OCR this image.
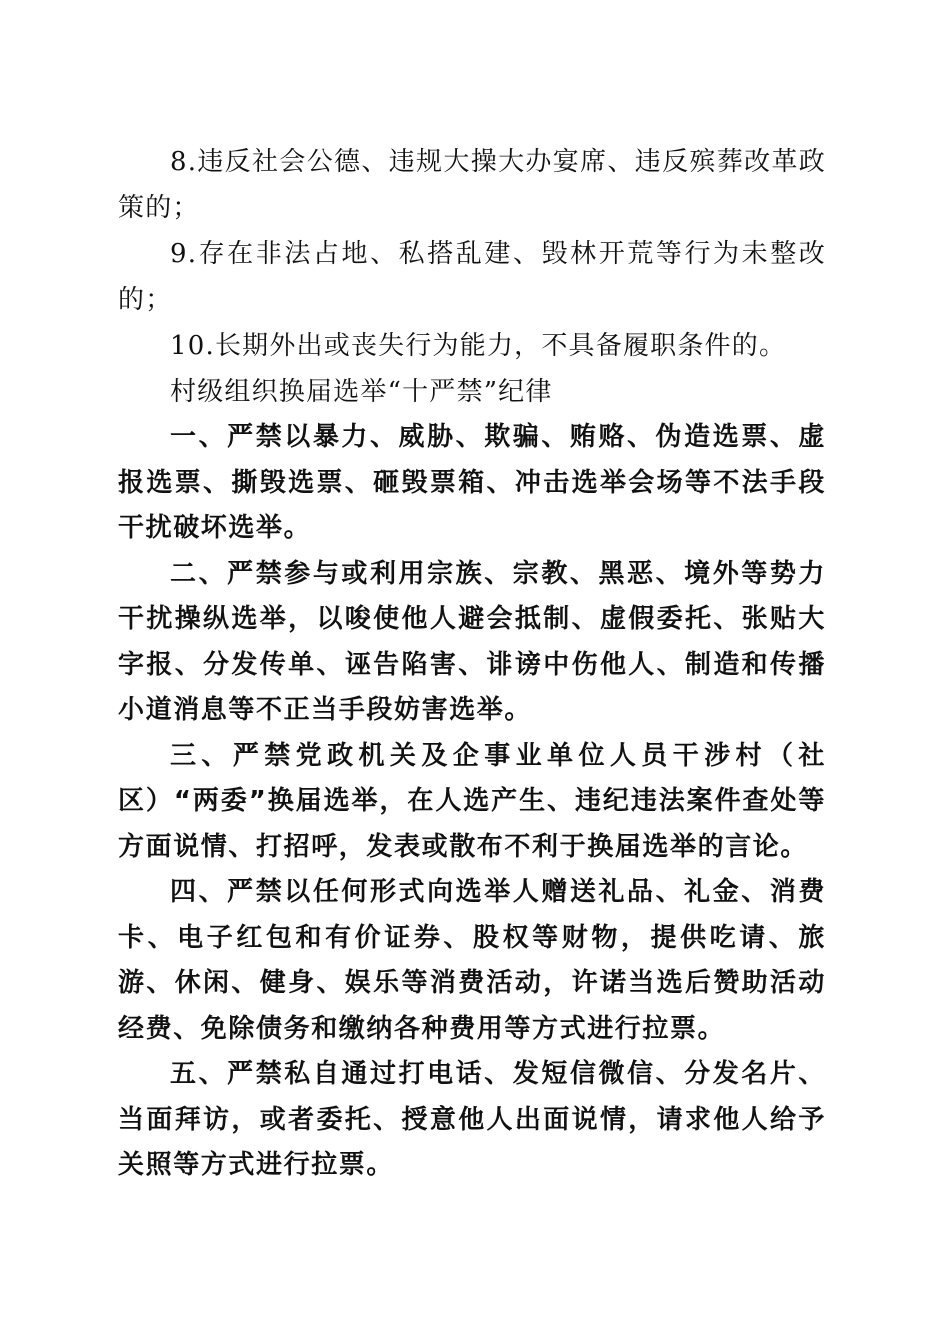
8.违反社会公德、违规大操大办宴席、违反殡葬改革政策的；

9.存在非法占地、私搭乱建、毁林开荒等行为未整改的；

10.长期外出或丧失行为能力，不具备履职条件的。

村级组织换届选举“十严禁”纪律

一、严禁以暴力、威胁、欺骗、贿赂、伪造选票、虚报选票、撕毁选票、砸毁票箱、冲击选举会场等不法手段干扰破坏选举。

二、严禁参与或利用宗族、宗教、黑恶、境外等势力干扰操纵选举，以唆使他人避会抵制、虚假委托、张贴大字报、分发传单、诬告陷害、诽谤中伤他人、制造和传播小道消息等不正当手段妨害选举。

三、严禁党政机关及企事业单位人员干涉村（社区）“两委”换届选举，在人选产生、违纪违法案件查处等方面说情、打招呼，发表或散布不利于换届选举的言论。

四、严禁以任何形式向选举人赠送礼品、礼金、消费卡、电子红包和有价证券、股权等财物，提供吃请、旅游、休闲、健身、娱乐等消费活动，许诺当选后赞助活动经费、免除债务和缴纳各种费用等方式进行拉票。

五、严禁私自通过打电话、发短信微信、分发名片、当面拜访，或者委托、授意他人出面说情，请求他人给予关照等方式进行拉票。
